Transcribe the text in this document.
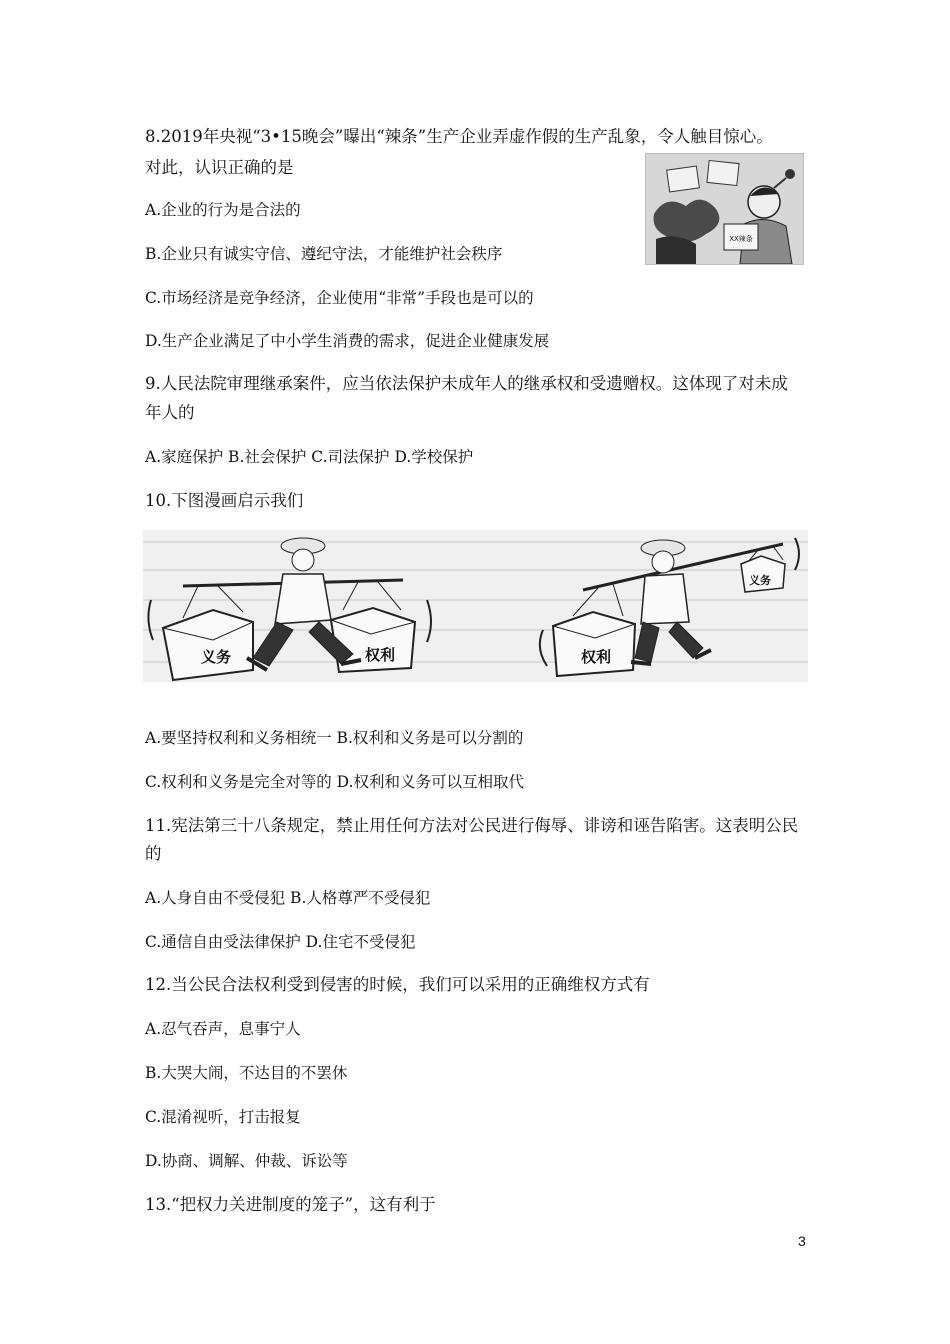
8.2019年央视“3•15晚会”曝出“辣条”生产企业弄虚作假的生产乱象，令人触目惊心。
对此，认识正确的是
A.企业的行为是合法的
B.企业只有诚实守信、遵纪守法，才能维护社会秩序
C.市场经济是竞争经济，企业使用“非常”手段也是可以的
D.生产企业满足了中小学生消费的需求，促进企业健康发展
XX辣条
9.人民法院审理继承案件，应当依法保护未成年人的继承权和受遗赠权。这体现了对未成
年人的
A.家庭保护 B.社会保护 C.司法保护 D.学校保护
10.下图漫画启示我们
义务	权利	权利
义务
A.要坚持权利和义务相统一 B.权利和义务是可以分割的
C.权利和义务是完全对等的 D.权利和义务可以互相取代
11.宪法第三十八条规定，禁止用任何方法对公民进行侮辱、诽谤和诬告陷害。这表明公民
的
A.人身自由不受侵犯 B.人格尊严不受侵犯
C.通信自由受法律保护 D.住宅不受侵犯
12.当公民合法权利受到侵害的时候，我们可以采用的正确维权方式有
A.忍气吞声，息事宁人
B.大哭大闹，不达目的不罢休
C.混淆视听，打击报复
D.协商、调解、仲裁、诉讼等
13.“把权力关进制度的笼子”，这有利于
3
